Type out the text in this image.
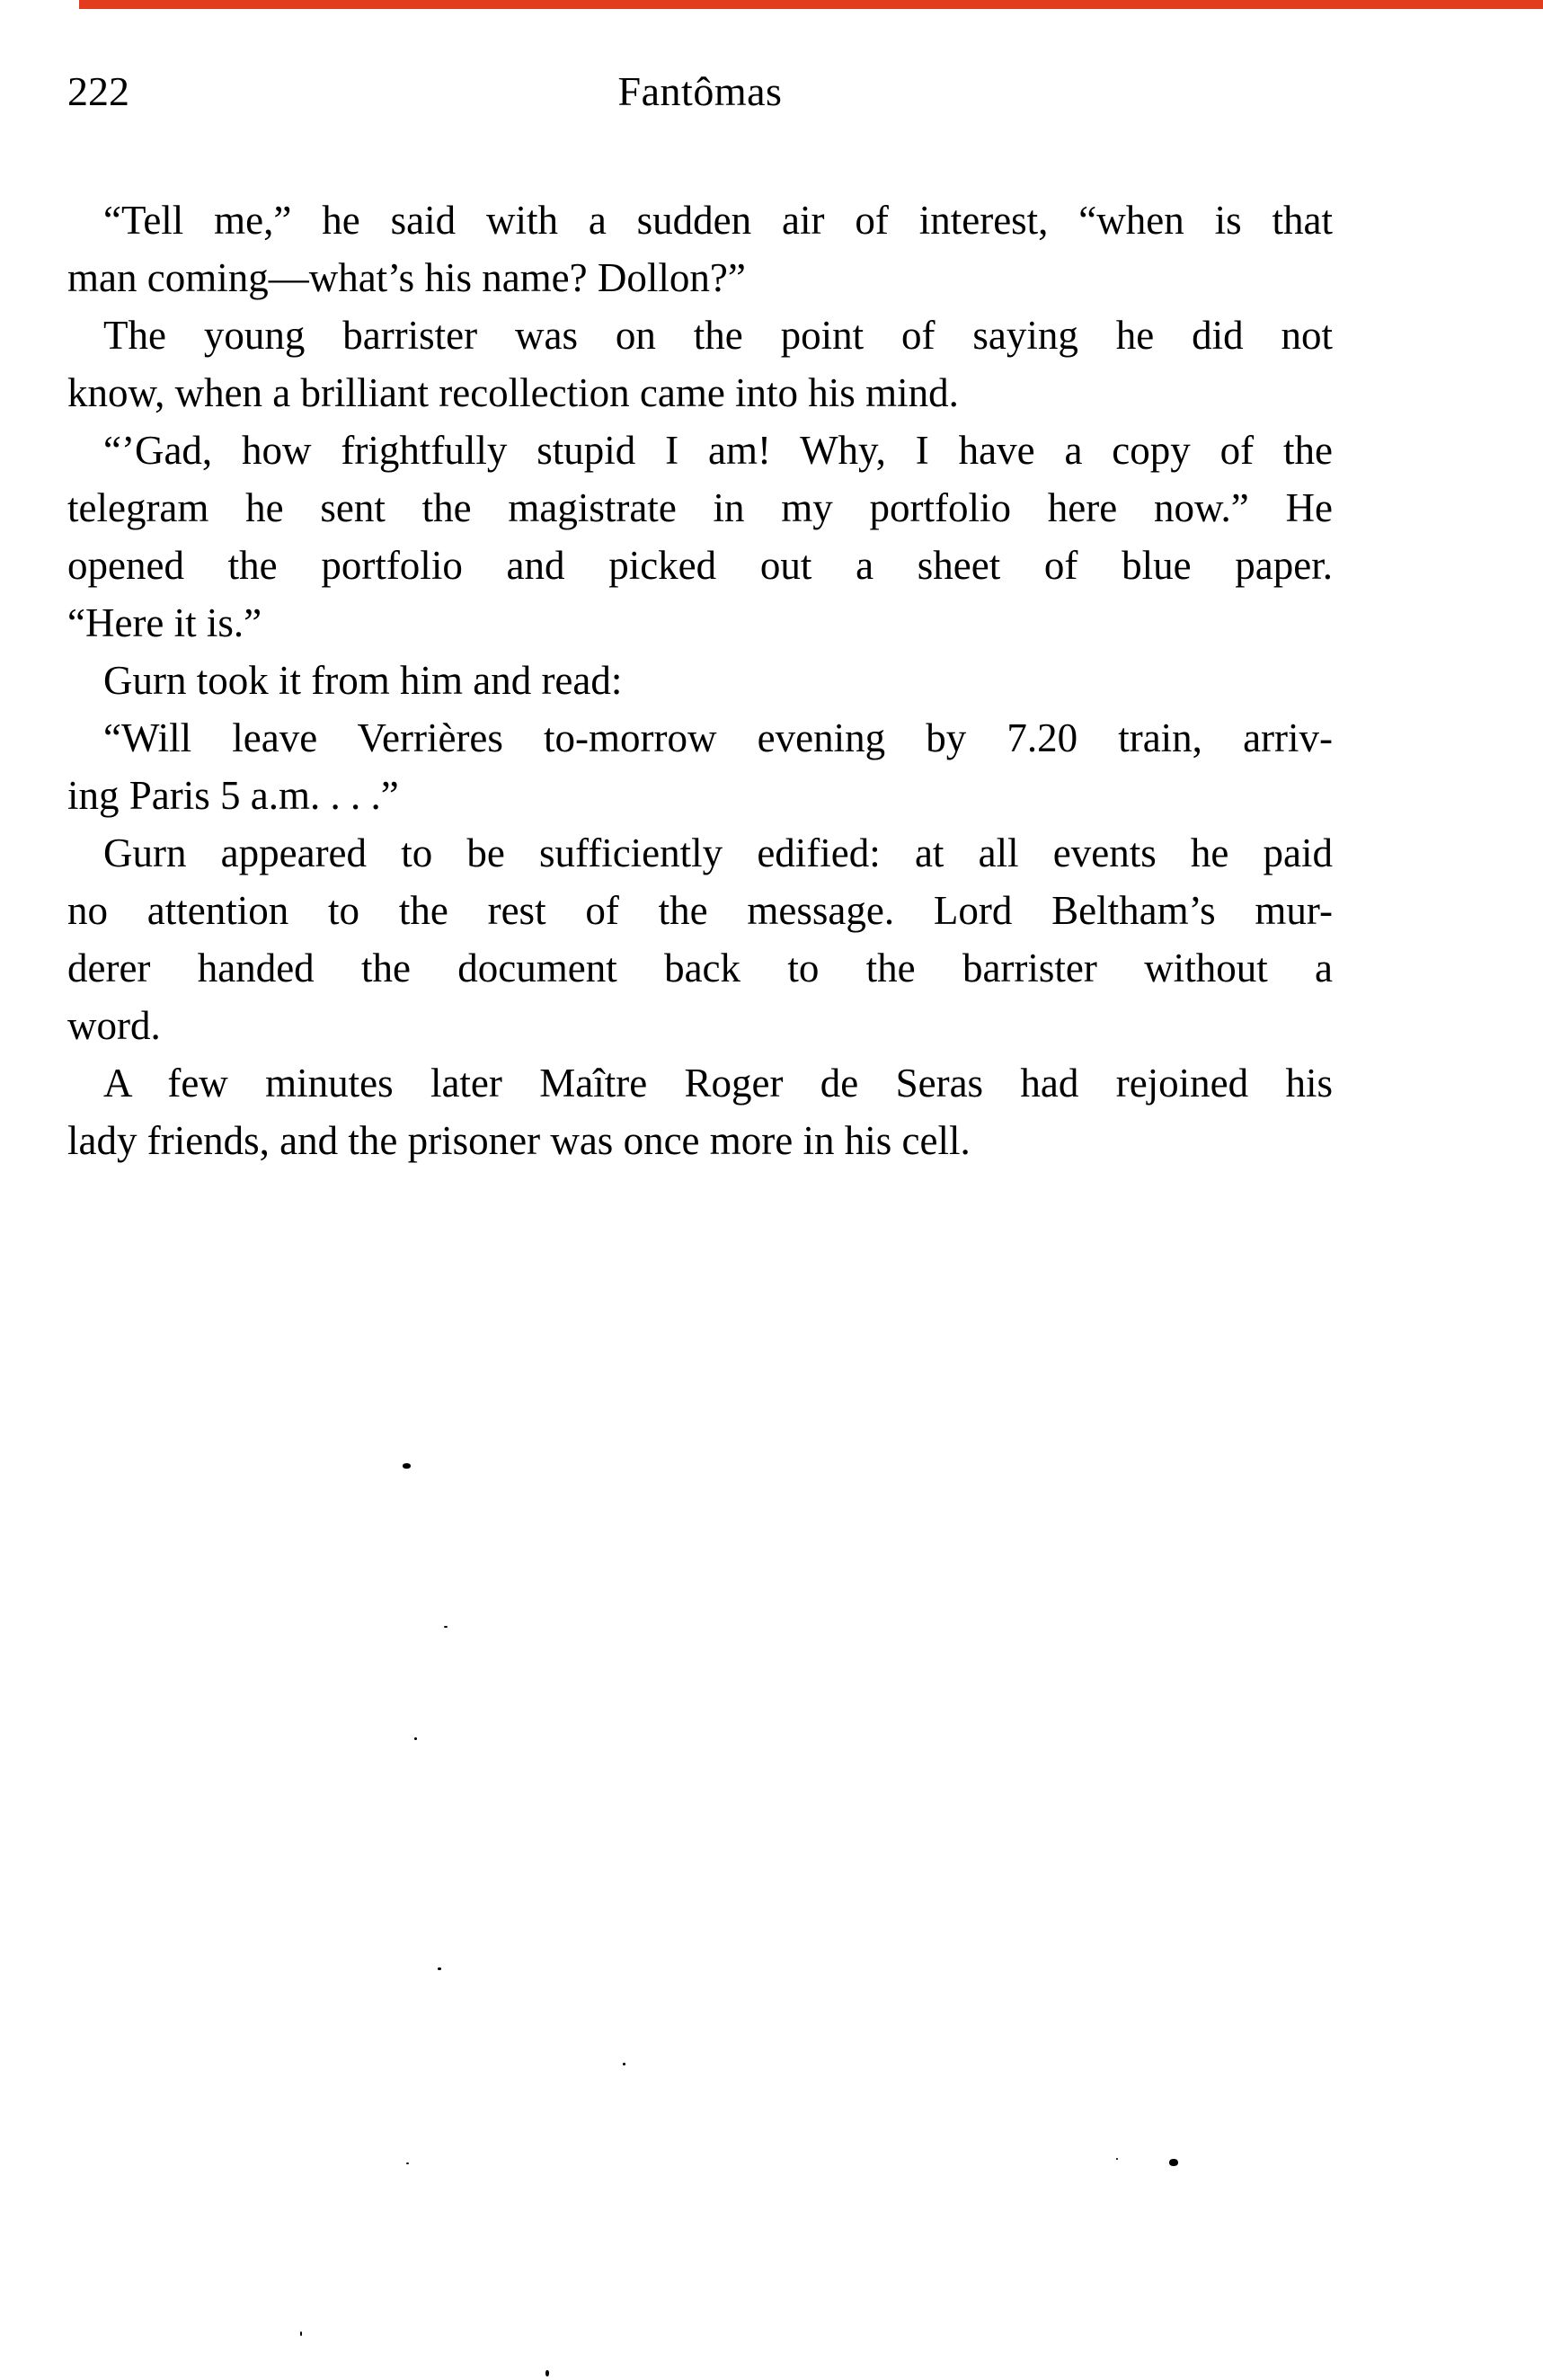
222	Fantômas
“Tell me,” he said with a sudden air of interest, “when is that
man coming—what’s his name? Dollon?”
The young barrister was on the point of saying he did not
know, when a brilliant recollection came into his mind.
“’Gad, how frightfully stupid I am! Why, I have a copy of the
telegram he sent the magistrate in my portfolio here now.” He
opened the portfolio and picked out a sheet of blue paper.
“Here it is.”
Gurn took it from him and read:
“Will leave Verrières to-morrow evening by 7.20 train, arriv-
ing Paris 5 a.m. . . .”
Gurn appeared to be sufficiently edified: at all events he paid
no attention to the rest of the message. Lord Beltham’s mur-
derer handed the document back to the barrister without a
word.
A few minutes later Maître Roger de Seras had rejoined his
lady friends, and the prisoner was once more in his cell.
